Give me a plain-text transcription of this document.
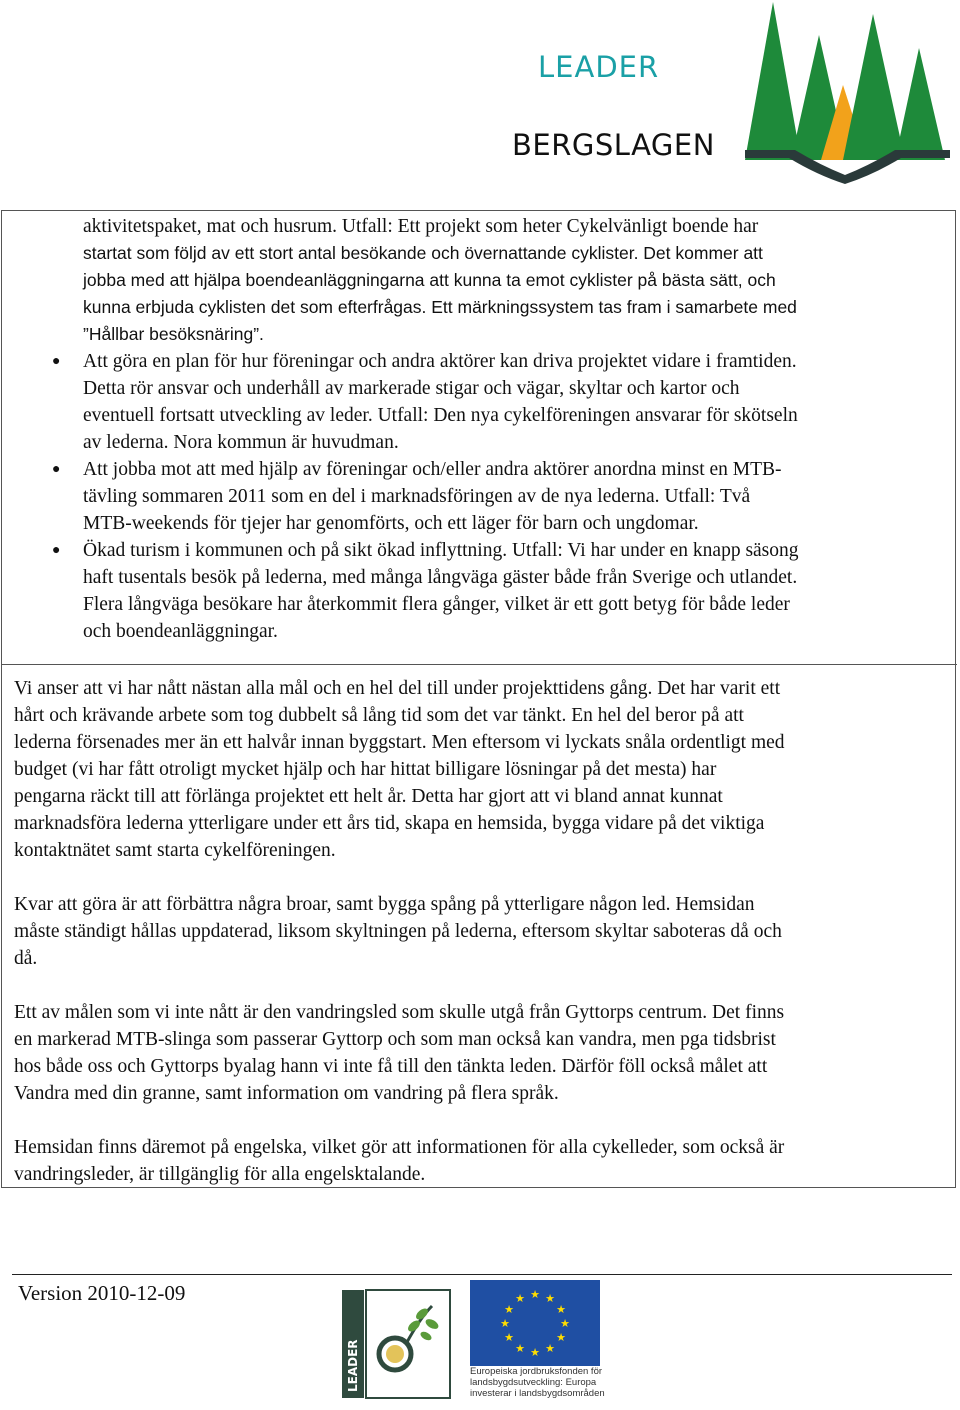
LEADER
BERGSLAGEN
aktivitetspaket, mat och husrum. Utfall: Ett projekt som heter Cykelvänligt boende har
startat som följd av ett stort antal besökande och övernattande cyklister. Det kommer att
jobba med att hjälpa boendeanläggningarna att kunna ta emot cyklister på bästa sätt, och
kunna erbjuda cyklisten det som efterfrågas. Ett märkningssystem tas fram i samarbete med
”Hållbar besöksnäring”.
● Att göra en plan för hur föreningar och andra aktörer kan driva projektet vidare i framtiden.
Detta rör ansvar och underhåll av markerade stigar och vägar, skyltar och kartor och
eventuell fortsatt utveckling av leder. Utfall: Den nya cykelföreningen ansvarar för skötseln
av lederna. Nora kommun är huvudman.
● Att jobba mot att med hjälp av föreningar och/eller andra aktörer anordna minst en MTB-
tävling sommaren 2011 som en del i marknadsföringen av de nya lederna. Utfall: Två
MTB-weekends för tjejer har genomförts, och ett läger för barn och ungdomar.
● Ökad turism i kommunen och på sikt ökad inflyttning. Utfall: Vi har under en knapp säsong
haft tusentals besök på lederna, med många långväga gäster både från Sverige och utlandet.
Flera långväga besökare har återkommit flera gånger, vilket är ett gott betyg för både leder
och boendeanläggningar.

Vi anser att vi har nått nästan alla mål och en hel del till under projekttidens gång. Det har varit ett
hårt och krävande arbete som tog dubbelt så lång tid som det var tänkt. En hel del beror på att
lederna försenades mer än ett halvår innan byggstart. Men eftersom vi lyckats snåla ordentligt med
budget (vi har fått otroligt mycket hjälp och har hittat billigare lösningar på det mesta) har
pengarna räckt till att förlänga projektet ett helt år. Detta har gjort att vi bland annat kunnat
marknadsföra lederna ytterligare under ett års tid, skapa en hemsida, bygga vidare på det viktiga
kontaktnätet samt starta cykelföreningen.

Kvar att göra är att förbättra några broar, samt bygga spång på ytterligare någon led. Hemsidan
måste ständigt hållas uppdaterad, liksom skyltningen på lederna, eftersom skyltar saboteras då och
då.

Ett av målen som vi inte nått är den vandringsled som skulle utgå från Gyttorps centrum. Det finns
en markerad MTB-slinga som passerar Gyttorp och som man också kan vandra, men pga tidsbrist
hos både oss och Gyttorps byalag hann vi inte få till den tänkta leden. Därför föll också målet att
Vandra med din granne, samt information om vandring på flera språk.

Hemsidan finns däremot på engelska, vilket gör att informationen för alla cykelleder, som också är
vandringsleder, är tillgänglig för alla engelsktalande.

Version 2010-12-09
LEADER
★ ★
★
★
★
★
★
★
★
★
★
★
Europeiska jordbruksfonden för
landsbygdsutveckling: Europa
investerar i landsbygdsområden
